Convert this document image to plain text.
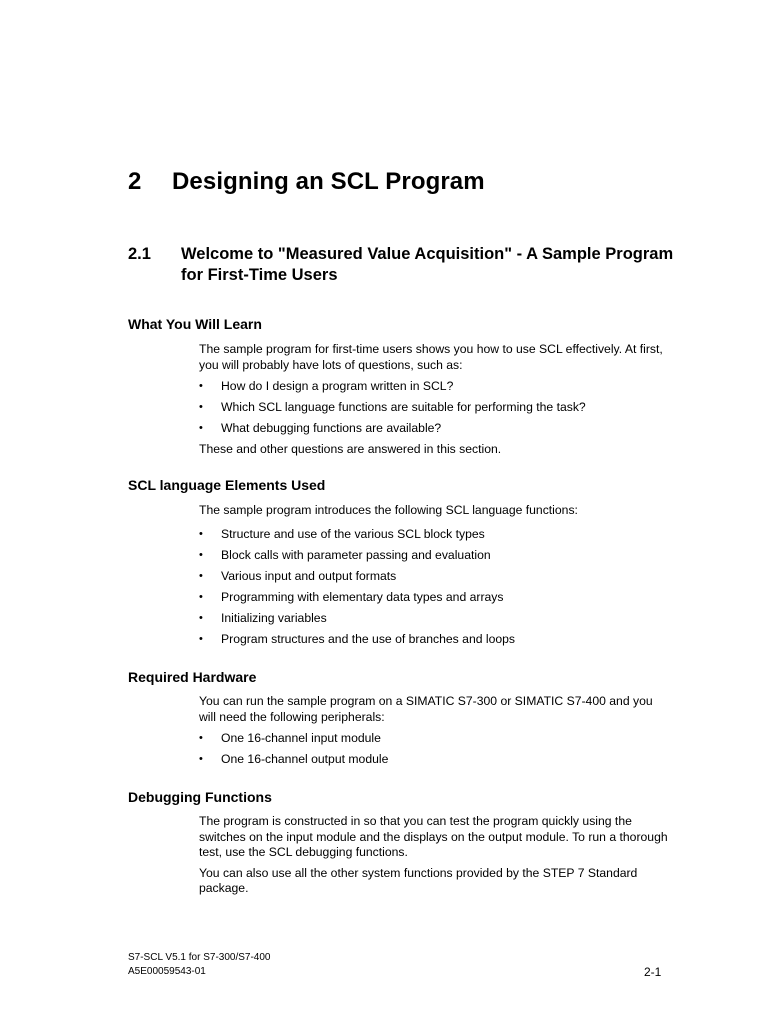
2 Designing an SCL Program
2.1 Welcome to "Measured Value Acquisition" - A Sample Program for First-Time Users
What You Will Learn

The sample program for first-time users shows you how to use SCL effectively. At first, you will probably have lots of questions, such as:

• How do I design a program written in SCL?
• Which SCL language functions are suitable for performing the task?
• What debugging functions are available?

These and other questions are answered in this section.

SCL language Elements Used

The sample program introduces the following SCL language functions:

• Structure and use of the various SCL block types
• Block calls with parameter passing and evaluation
• Various input and output formats
• Programming with elementary data types and arrays
• Initializing variables
• Program structures and the use of branches and loops
Required Hardware

You can run the sample program on a SIMATIC S7-300 or SIMATIC S7-400 and you will need the following peripherals:

• One 16-channel input module
• One 16-channel output module
Debugging Functions

The program is constructed in so that you can test the program quickly using the switches on the input module and the displays on the output module. To run a thorough test, use the SCL debugging functions.

You can also use all the other system functions provided by the STEP 7 Standard package.

S7-SCL V5.1 for S7-300/S7-400
A5E00059543-01	2-1
